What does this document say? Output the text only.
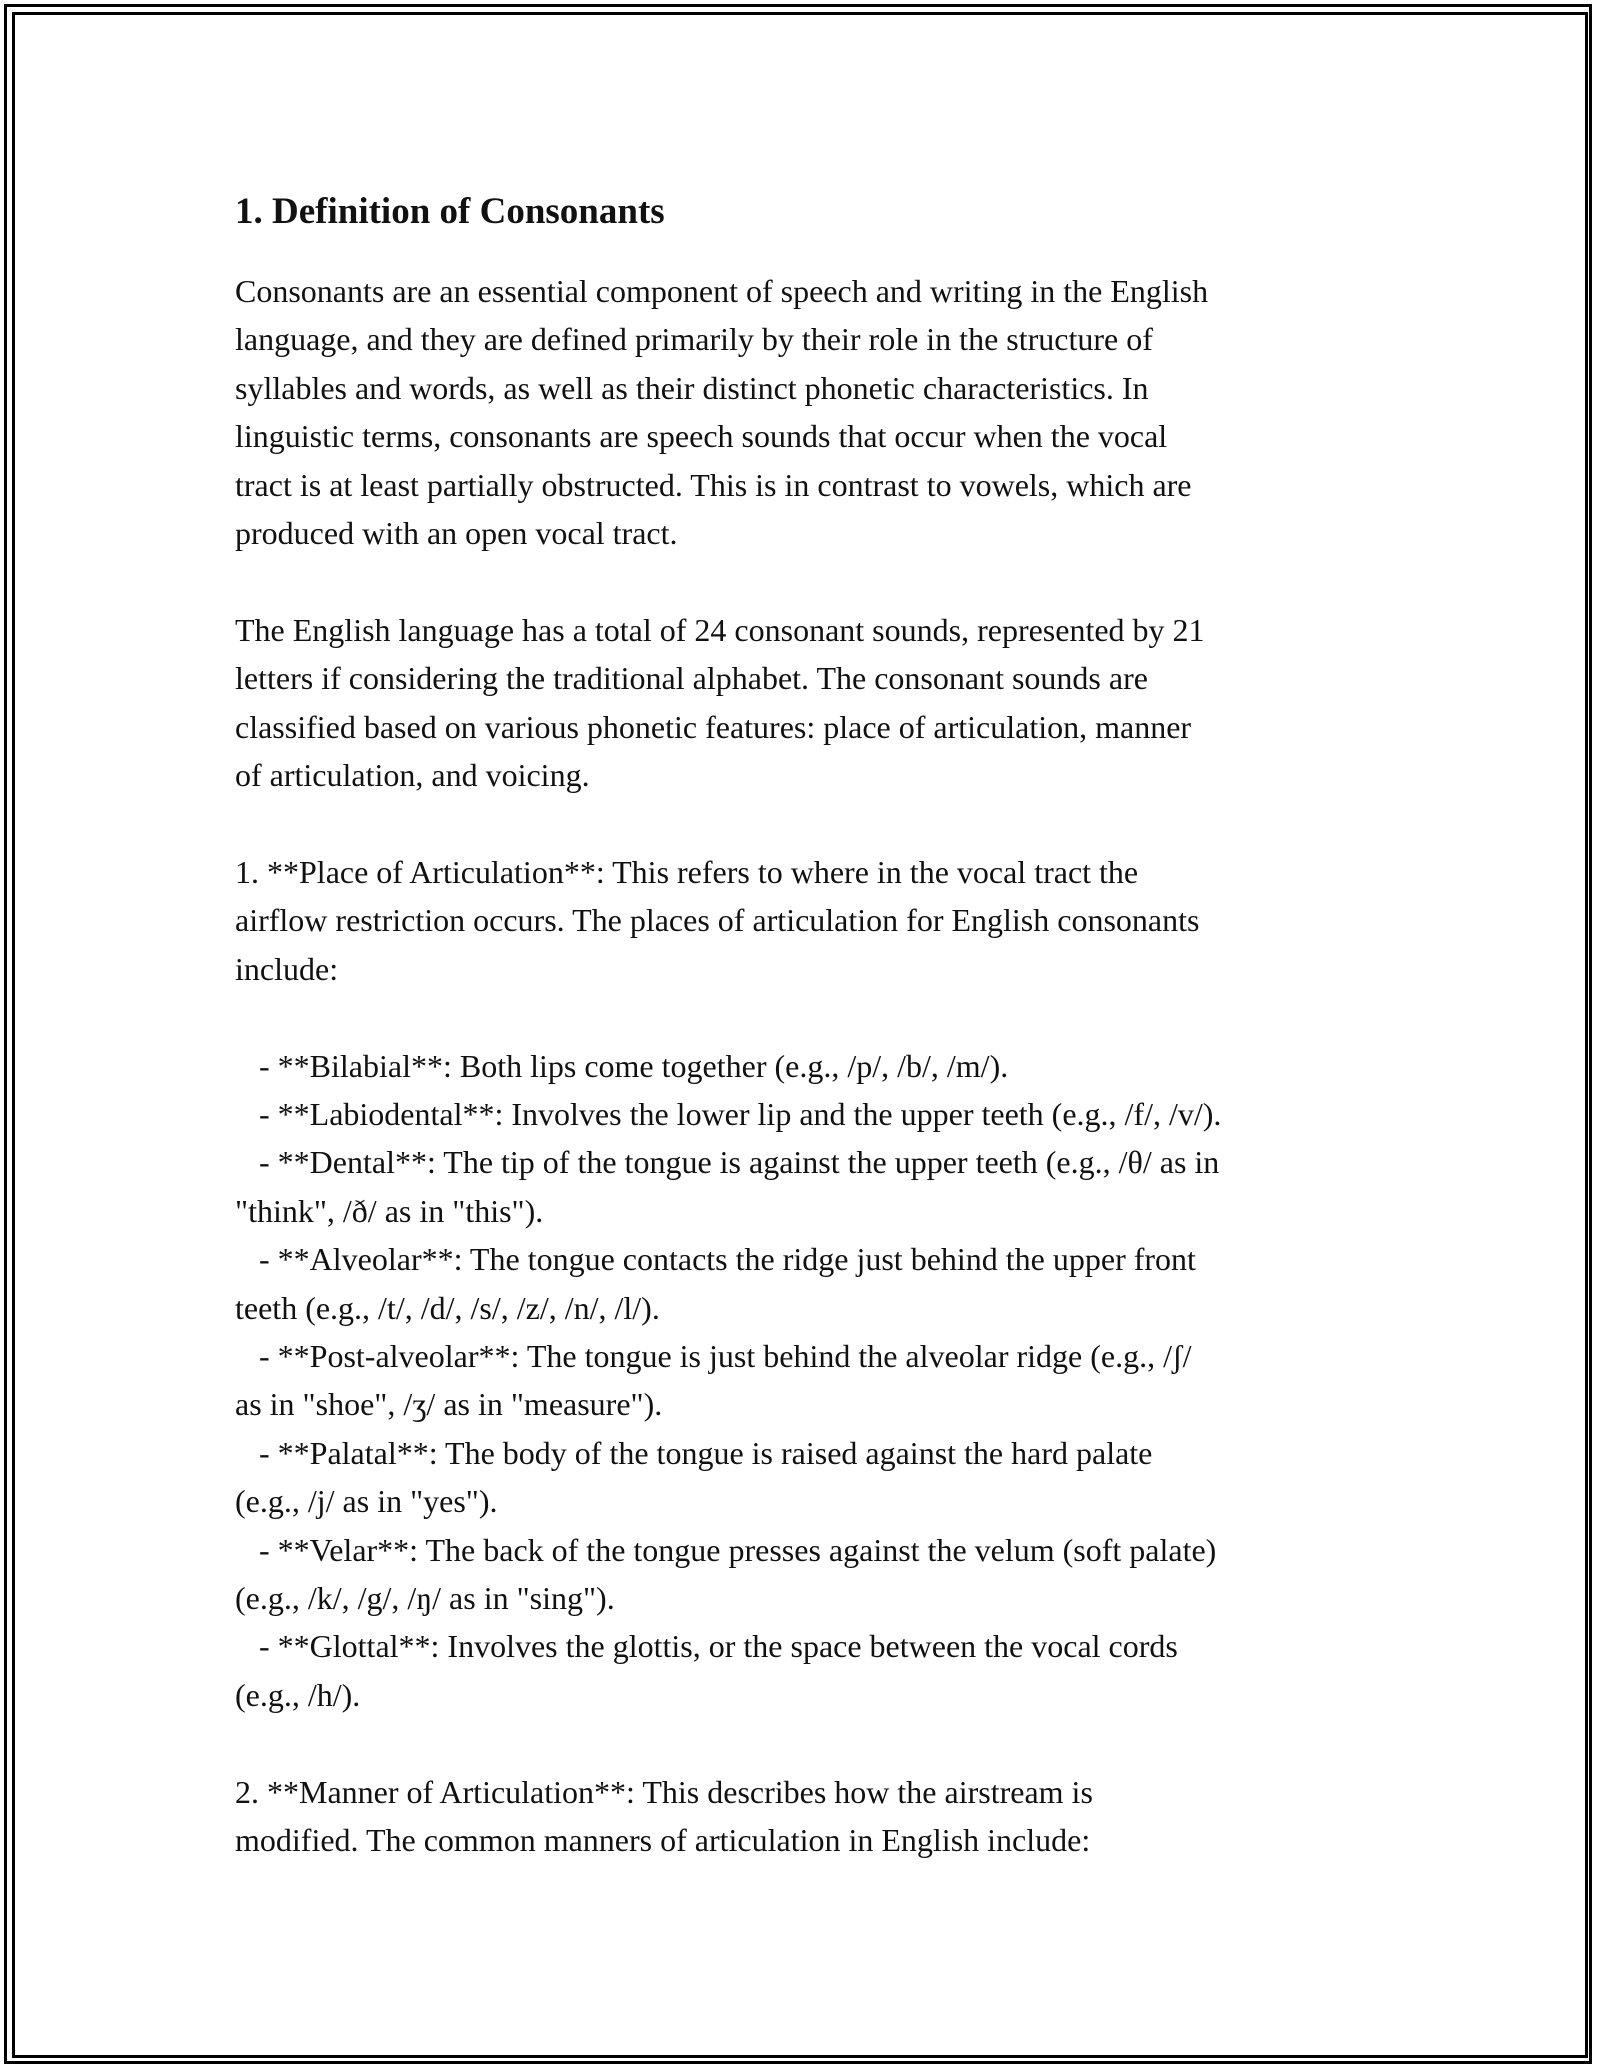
1. Definition of Consonants

Consonants are an essential component of speech and writing in the English
language, and they are defined primarily by their role in the structure of
syllables and words, as well as their distinct phonetic characteristics. In
linguistic terms, consonants are speech sounds that occur when the vocal
tract is at least partially obstructed. This is in contrast to vowels, which are
produced with an open vocal tract.

The English language has a total of 24 consonant sounds, represented by 21
letters if considering the traditional alphabet. The consonant sounds are
classified based on various phonetic features: place of articulation, manner
of articulation, and voicing.

1. **Place of Articulation**: This refers to where in the vocal tract the
airflow restriction occurs. The places of articulation for English consonants
include:

- **Bilabial**: Both lips come together (e.g., /p/, /b/, /m/).
- **Labiodental**: Involves the lower lip and the upper teeth (e.g., /f/, /v/).
- **Dental**: The tip of the tongue is against the upper teeth (e.g., /θ/ as in
"think", /ð/ as in "this").
- **Alveolar**: The tongue contacts the ridge just behind the upper front
teeth (e.g., /t/, /d/, /s/, /z/, /n/, /l/).
- **Post-alveolar**: The tongue is just behind the alveolar ridge (e.g., /ʃ/
as in "shoe", /ʒ/ as in "measure").
- **Palatal**: The body of the tongue is raised against the hard palate
(e.g., /j/ as in "yes").
- **Velar**: The back of the tongue presses against the velum (soft palate)
(e.g., /k/, /g/, /ŋ/ as in "sing").
- **Glottal**: Involves the glottis, or the space between the vocal cords
(e.g., /h/).

2. **Manner of Articulation**: This describes how the airstream is
modified. The common manners of articulation in English include:
